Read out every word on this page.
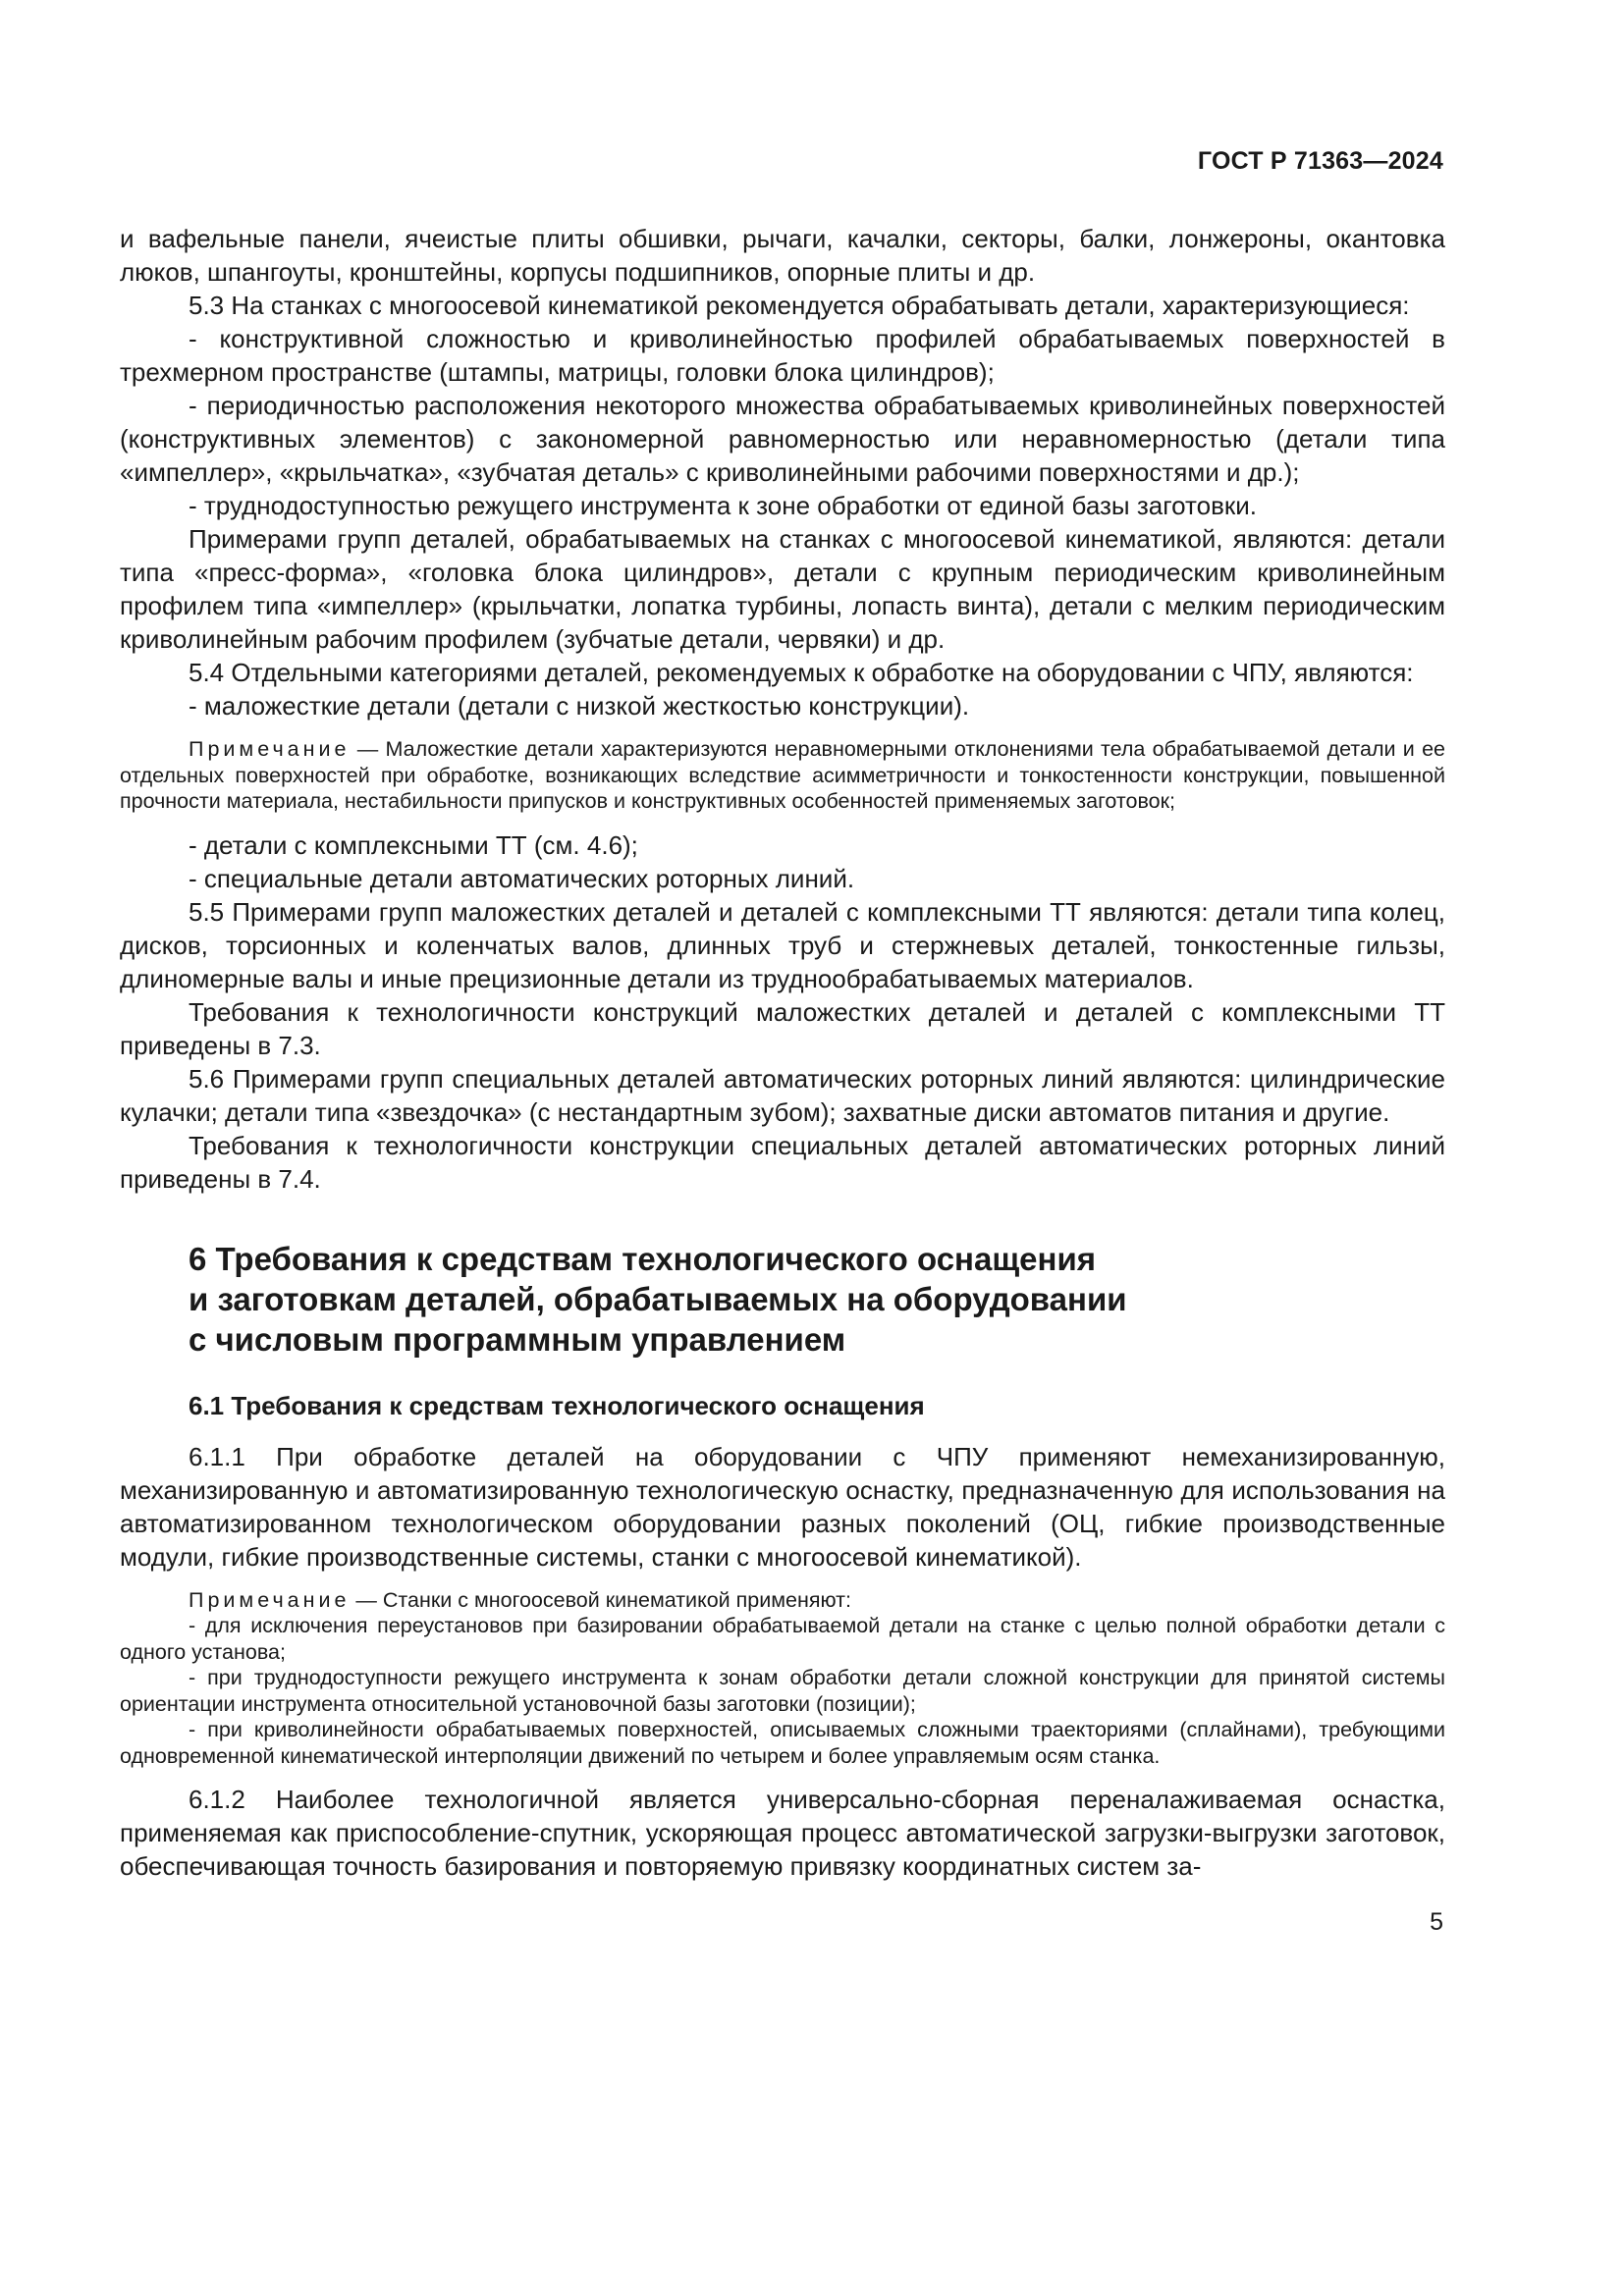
ГОСТ Р 71363—2024

и вафельные панели, ячеистые плиты обшивки, рычаги, качалки, секторы, балки, лонжероны, окантовка люков, шпангоуты, кронштейны, корпусы подшипников, опорные плиты и др.

5.3 На станках с многоосевой кинематикой рекомендуется обрабатывать детали, характеризующиеся:

- конструктивной сложностью и криволинейностью профилей обрабатываемых поверхностей в трехмерном пространстве (штампы, матрицы, головки блока цилиндров);

- периодичностью расположения некоторого множества обрабатываемых криволинейных поверхностей (конструктивных элементов) с закономерной равномерностью или неравномерностью (детали типа «импеллер», «крыльчатка», «зубчатая деталь» с криволинейными рабочими поверхностями и др.);

- труднодоступностью режущего инструмента к зоне обработки от единой базы заготовки.

Примерами групп деталей, обрабатываемых на станках с многоосевой кинематикой, являются: детали типа «пресс-форма», «головка блока цилиндров», детали с крупным периодическим криволинейным профилем типа «импеллер» (крыльчатки, лопатка турбины, лопасть винта), детали с мелким периодическим криволинейным рабочим профилем (зубчатые детали, червяки) и др.

5.4 Отдельными категориями деталей, рекомендуемых к обработке на оборудовании с ЧПУ, являются:

- маложесткие детали (детали с низкой жесткостью конструкции).

Примечание — Маложесткие детали характеризуются неравномерными отклонениями тела обрабатываемой детали и ее отдельных поверхностей при обработке, возникающих вследствие асимметричности и тонкостенности конструкции, повышенной прочности материала, нестабильности припусков и конструктивных особенностей применяемых заготовок;

- детали с комплексными ТТ (см. 4.6);

- специальные детали автоматических роторных линий.

5.5 Примерами групп маложестких деталей и деталей с комплексными ТТ являются: детали типа колец, дисков, торсионных и коленчатых валов, длинных труб и стержневых деталей, тонкостенные гильзы, длиномерные валы и иные прецизионные детали из труднообрабатываемых материалов.

Требования к технологичности конструкций маложестких деталей и деталей с комплексными ТТ приведены в 7.3.

5.6 Примерами групп специальных деталей автоматических роторных линий являются: цилиндрические кулачки; детали типа «звездочка» (с нестандартным зубом); захватные диски автоматов питания и другие.

Требования к технологичности конструкции специальных деталей автоматических роторных линий приведены в 7.4.

6 Требования к средствам технологического оснащения
и заготовкам деталей, обрабатываемых на оборудовании
с числовым программным управлением
6.1 Требования к средствам технологического оснащения

6.1.1 При обработке деталей на оборудовании с ЧПУ применяют немеханизированную, механизированную и автоматизированную технологическую оснастку, предназначенную для использования на автоматизированном технологическом оборудовании разных поколений (ОЦ, гибкие производственные модули, гибкие производственные системы, станки с многоосевой кинематикой).

Примечание — Станки с многоосевой кинематикой применяют:

- для исключения переустановов при базировании обрабатываемой детали на станке с целью полной обработки детали с одного установа;

- при труднодоступности режущего инструмента к зонам обработки детали сложной конструкции для принятой системы ориентации инструмента относительной установочной базы заготовки (позиции);

- при криволинейности обрабатываемых поверхностей, описываемых сложными траекториями (сплайнами), требующими одновременной кинематической интерполяции движений по четырем и более управляемым осям станка.

6.1.2 Наиболее технологичной является универсально-сборная переналаживаемая оснастка, применяемая как приспособление-спутник, ускоряющая процесс автоматической загрузки-выгрузки заготовок, обеспечивающая точность базирования и повторяемую привязку координатных систем за-

5
